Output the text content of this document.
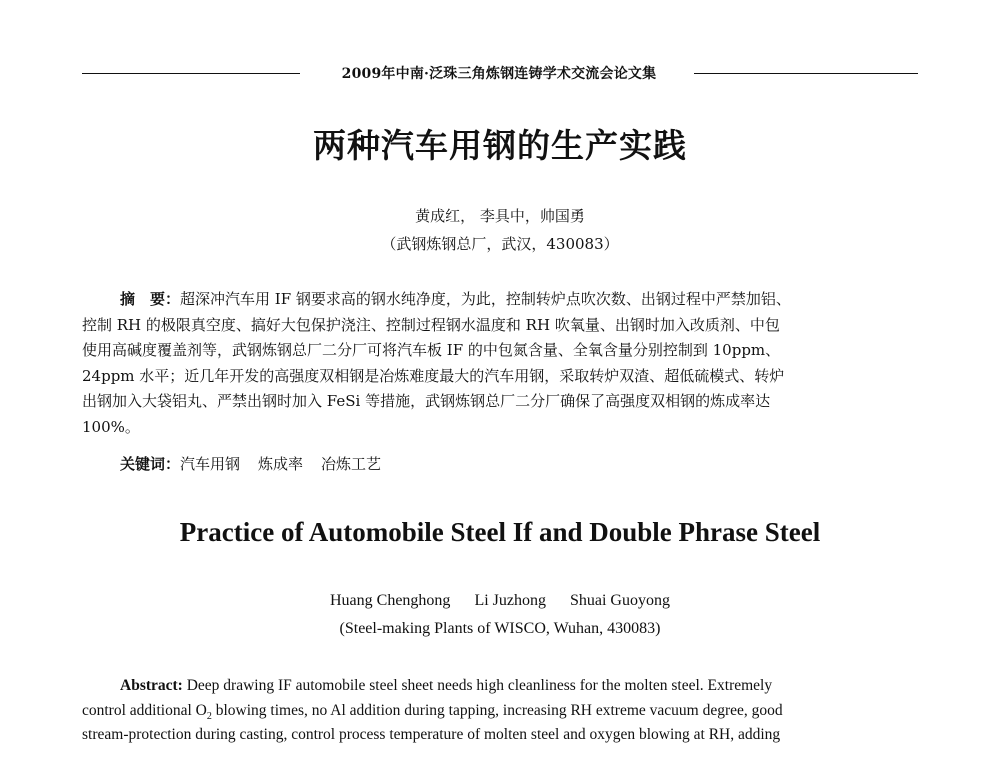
2009年中南·泛珠三角炼钢连铸学术交流会论文集
两种汽车用钢的生产实践
黄成红， 李具中，帅国勇
（武钢炼钢总厂，武汉，430083）
摘　要：超深冲汽车用 IF 钢要求高的钢水纯净度，为此，控制转炉点吹次数、出钢过程中严禁加铝、
控制 RH 的极限真空度、搞好大包保护浇注、控制过程钢水温度和 RH 吹氧量、出钢时加入改质剂、中包
使用高碱度覆盖剂等，武钢炼钢总厂二分厂可将汽车板 IF 的中包氮含量、全氧含量分别控制到 10ppm、
24ppm 水平；近几年开发的高强度双相钢是冶炼难度最大的汽车用钢，采取转炉双渣、超低硫模式、转炉
出钢加入大袋铝丸、严禁出钢时加入 FeSi 等措施，武钢炼钢总厂二分厂确保了高强度双相钢的炼成率达
100%。
关键词：汽车用钢 炼成率 冶炼工艺
Practice of Automobile Steel If and Double Phrase Steel
Huang Chenghong Li Juzhong Shuai Guoyong
(Steel-making Plants of WISCO, Wuhan, 430083)
Abstract: Deep drawing IF automobile steel sheet needs high cleanliness for the molten steel. Extremely
control additional $O_2$ blowing times, no Al addition during tapping, increasing RH extreme vacuum degree, good
stream-protection during casting, control process temperature of molten steel and oxygen blowing at RH, adding
